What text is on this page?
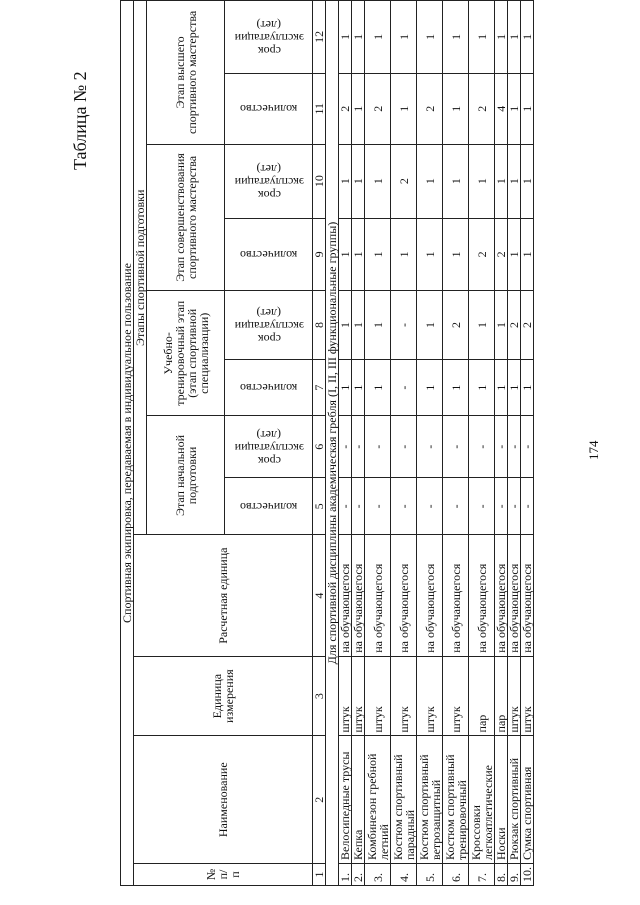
Таблица № 2
174
Спортивная экипировка, передаваемая в индивидуальное пользование											
№ п/п	Наименование	Единица измерения	Расчетная единица	Этапы спортивной подготовки							
				Этап начальной подготовки		Учебно-тренировочный этап (этап спортивной специализации)		Этап совершенствования спортивного мастерства		Этап высшего спортивного мастерства	

				количество	срок эксплуатации (лет)	количество	срок эксплуатации (лет)	количество	срок эксплуатации (лет)	количество	срок эксплуатации (лет)

1	2	3	4	5	6	7	8	9	10	11	12
Для спортивной дисциплины академическая гребля (I, II, III функциональные группы)											
1.	Велосипедные трусы	штук	на обучающегося	-	-	1	1	1	1	2	1
2.	Кепка	штук	на обучающегося	-	-	1	1	1	1	1	1
3.	Комбинезон гребной летний	штук	на обучающегося	-	-	1	1	1	1	2	1
4.	Костюм спортивный парадный	штук	на обучающегося	-	-	-	-	1	2	1	1
5.	Костюм спортивный ветрозащитный	штук	на обучающегося	-	-	1	1	1	1	2	1
6.	Костюм спортивный тренировочный	штук	на обучающегося	-	-	1	2	1	1	1	1
7.	Кроссовки легкоатлетические	пар	на обучающегося	-	-	1	1	2	1	2	1
8.	Носки	пар	на обучающегося	-	-	1	1	2	1	4	1
9.	Рюкзак спортивный	штук	на обучающегося	-	-	1	2	1	1	1	1
10.	Сумка спортивная	штук	на обучающегося	-	-	1	2	1	1	1	1
